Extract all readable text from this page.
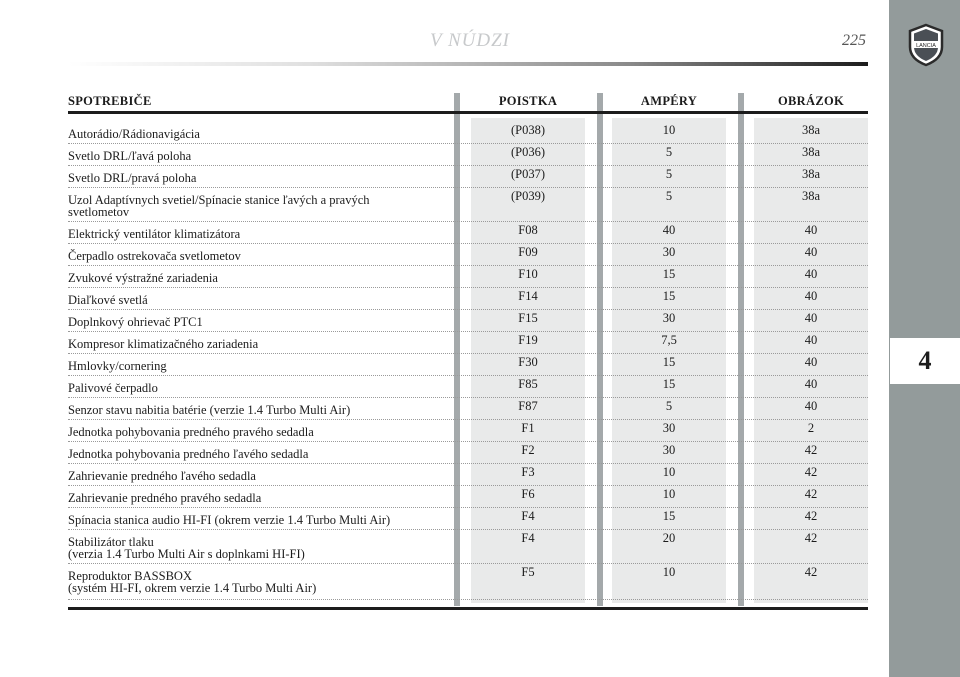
LANCIA
4
V NÚDZI	225
SPOTREBIČE	POISTKA	AMPÉRY	OBRÁZOK
Autorádio/Rádionavigácia	(P038)	10	38a
Svetlo DRL/ľavá poloha	(P036)	5	38a
Svetlo DRL/pravá poloha	(P037)	5	38a
Uzol Adaptívnych svetiel/Spínacie stanice ľavých a pravých
svetlometov
(P039)	5	38a
Elektrický ventilátor klimatizátora	F08	40	40
Čerpadlo ostrekovača svetlometov	F09	30	40
Zvukové výstražné zariadenia	F10	15	40
Diaľkové svetlá	F14	15	40
Doplnkový ohrievač PTC1	F15	30	40
Kompresor klimatizačného zariadenia	F19	7,5	40
Hmlovky/cornering	F30	15	40
Palivové čerpadlo	F85	15	40
Senzor stavu nabitia batérie (verzie 1.4 Turbo Multi Air)	F87	5	40
Jednotka pohybovania predného pravého sedadla	F1	30	2
Jednotka pohybovania predného ľavého sedadla	F2	30	42
Zahrievanie predného ľavého sedadla	F3	10	42
Zahrievanie predného pravého sedadla	F6	10	42
Spínacia stanica audio HI-FI (okrem verzie 1.4 Turbo Multi Air)	F4	15	42
Stabilizátor tlaku
(verzia 1.4 Turbo Multi Air s doplnkami HI-FI)
F4	20	42
Reproduktor BASSBOX
(systém HI-FI, okrem verzie 1.4 Turbo Multi Air)
F5	10	42
